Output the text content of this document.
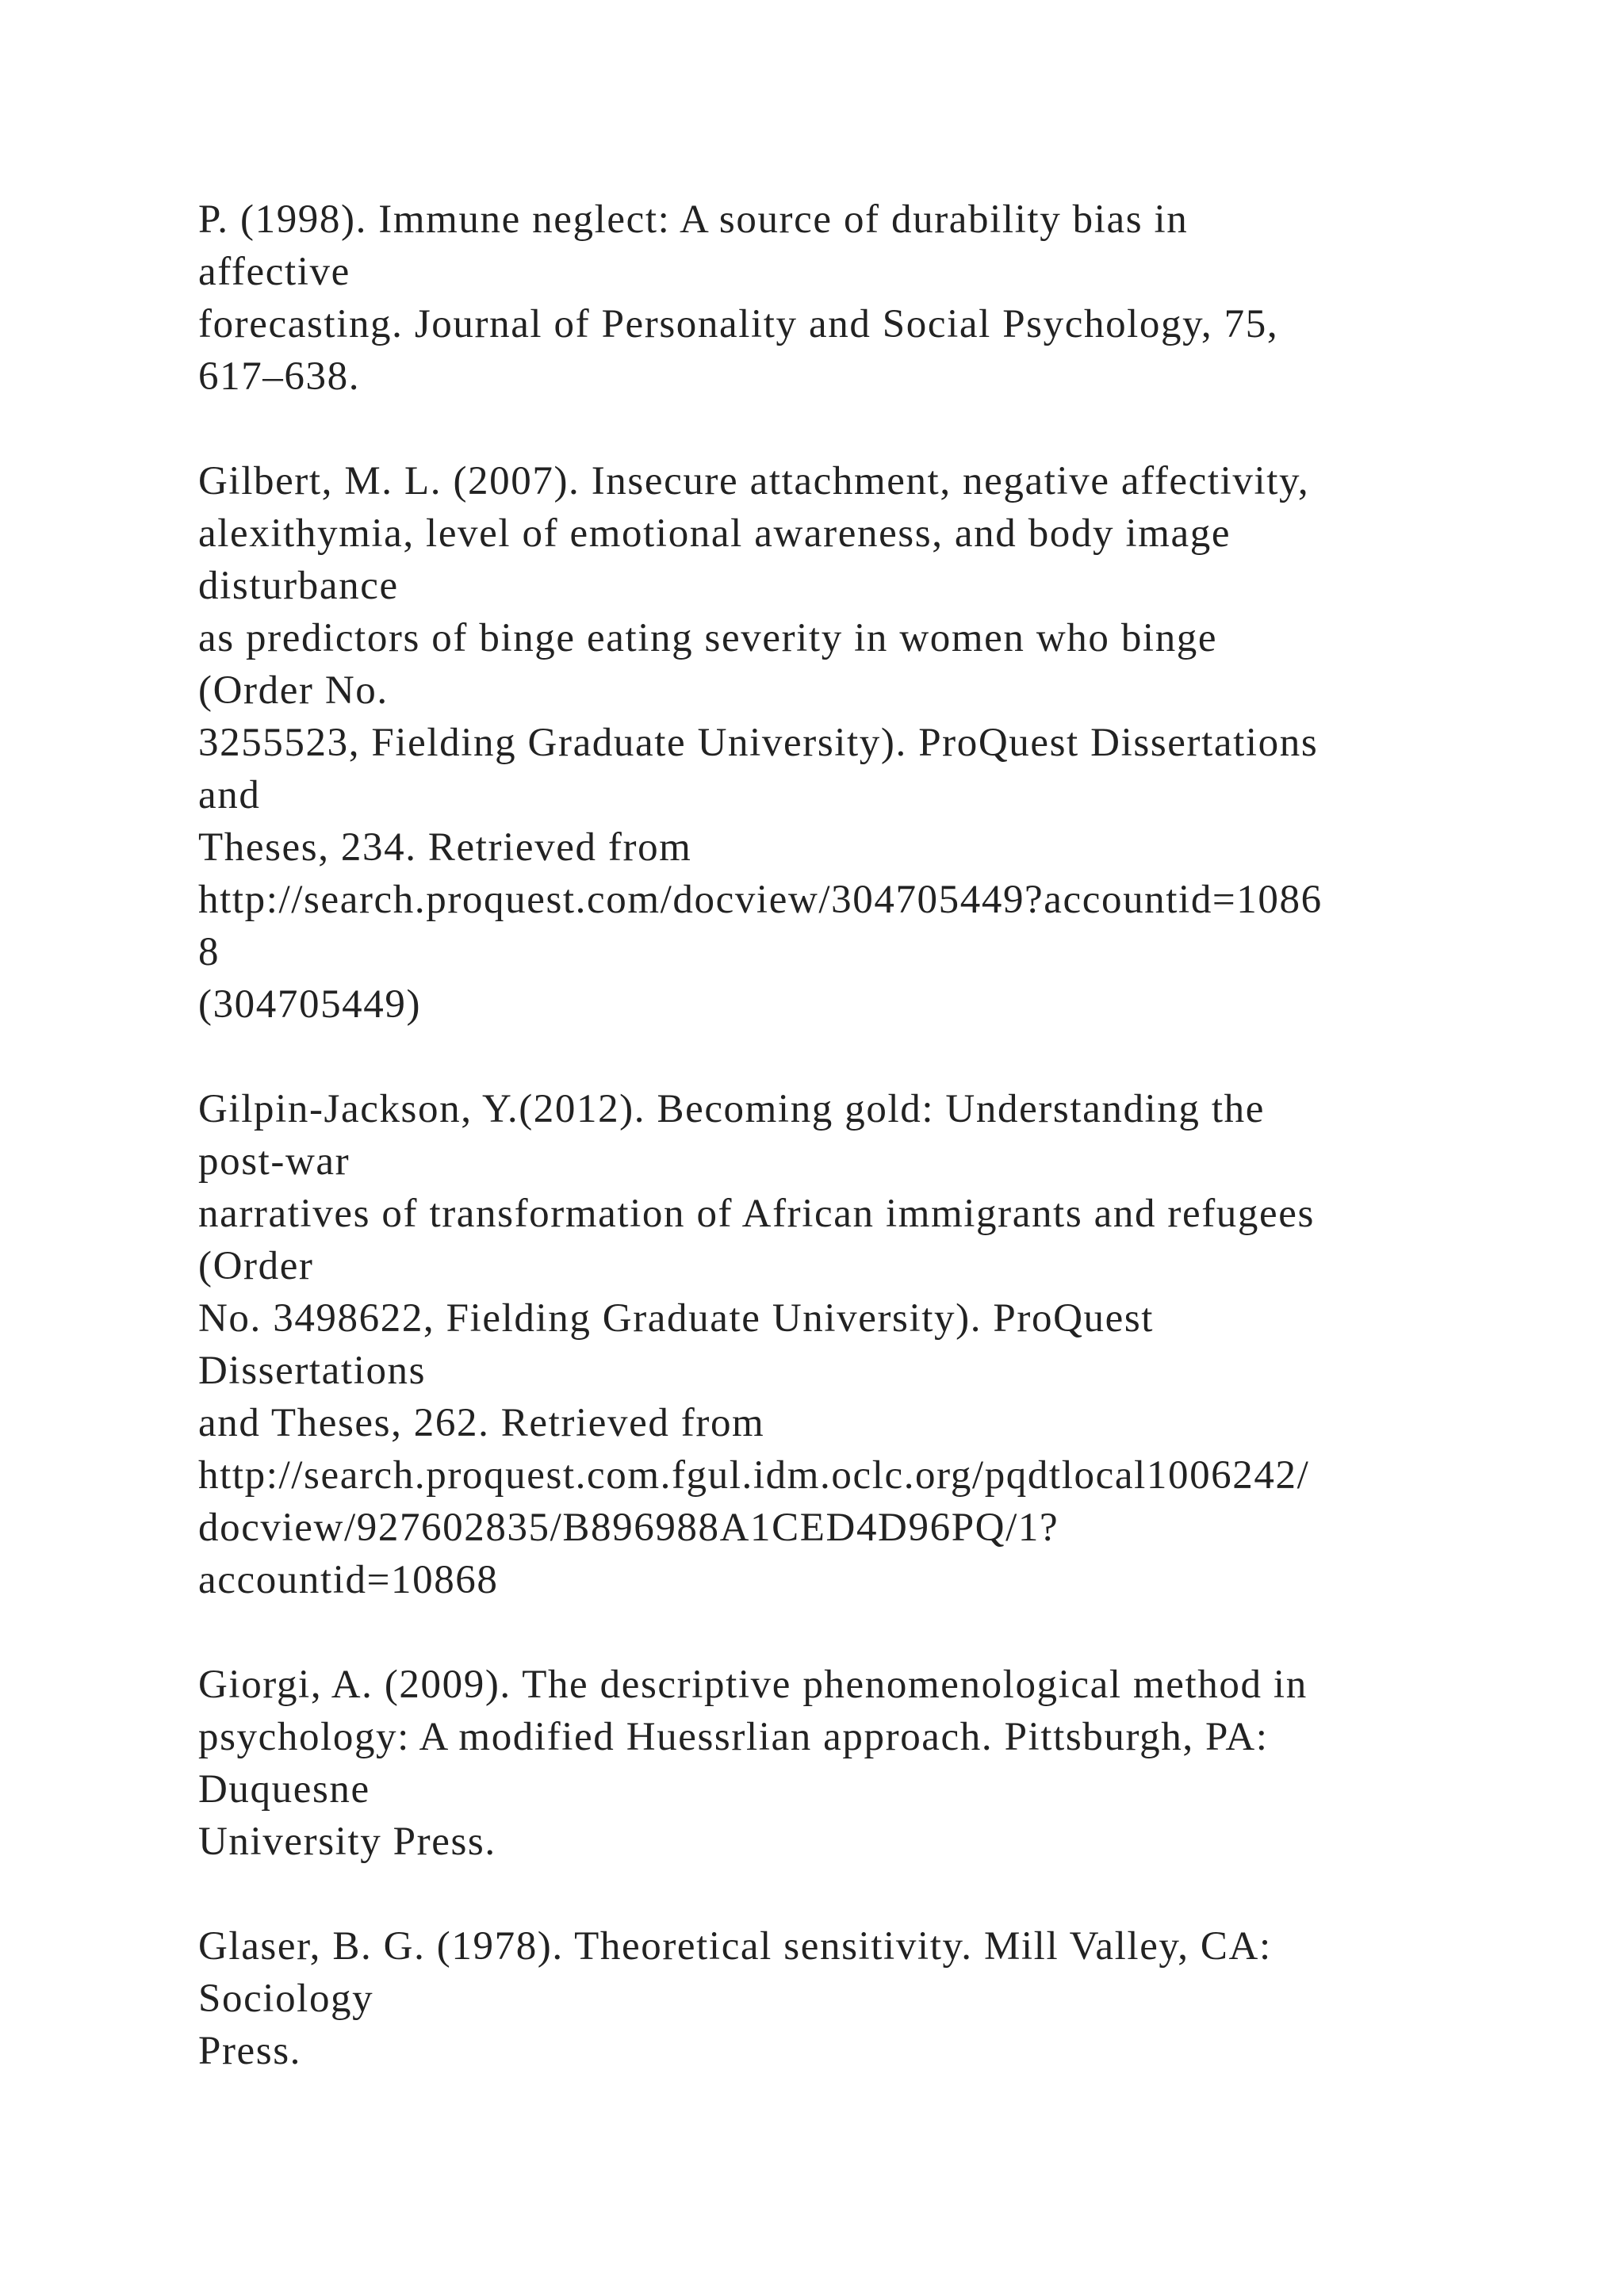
P. (1998). Immune neglect: A source of durability bias in
affective
forecasting. Journal of Personality and Social Psychology, 75,
617–638.
Gilbert, M. L. (2007). Insecure attachment, negative affectivity,
alexithymia, level of emotional awareness, and body image
disturbance
as predictors of binge eating severity in women who binge
(Order No.
3255523, Fielding Graduate University). ProQuest Dissertations
and
Theses, 234. Retrieved from
http://search.proquest.com/docview/304705449?accountid=1086
8
(304705449)
Gilpin-Jackson, Y.(2012). Becoming gold: Understanding the
post-war
narratives of transformation of African immigrants and refugees
(Order
No. 3498622, Fielding Graduate University). ProQuest
Dissertations
and Theses, 262. Retrieved from
http://search.proquest.com.fgul.idm.oclc.org/pqdtlocal1006242/
docview/927602835/B896988A1CED4D96PQ/1?
accountid=10868
Giorgi, A. (2009). The descriptive phenomenological method in
psychology: A modified Huessrlian approach. Pittsburgh, PA:
Duquesne
University Press.
Glaser, B. G. (1978). Theoretical sensitivity. Mill Valley, CA:
Sociology
Press.
